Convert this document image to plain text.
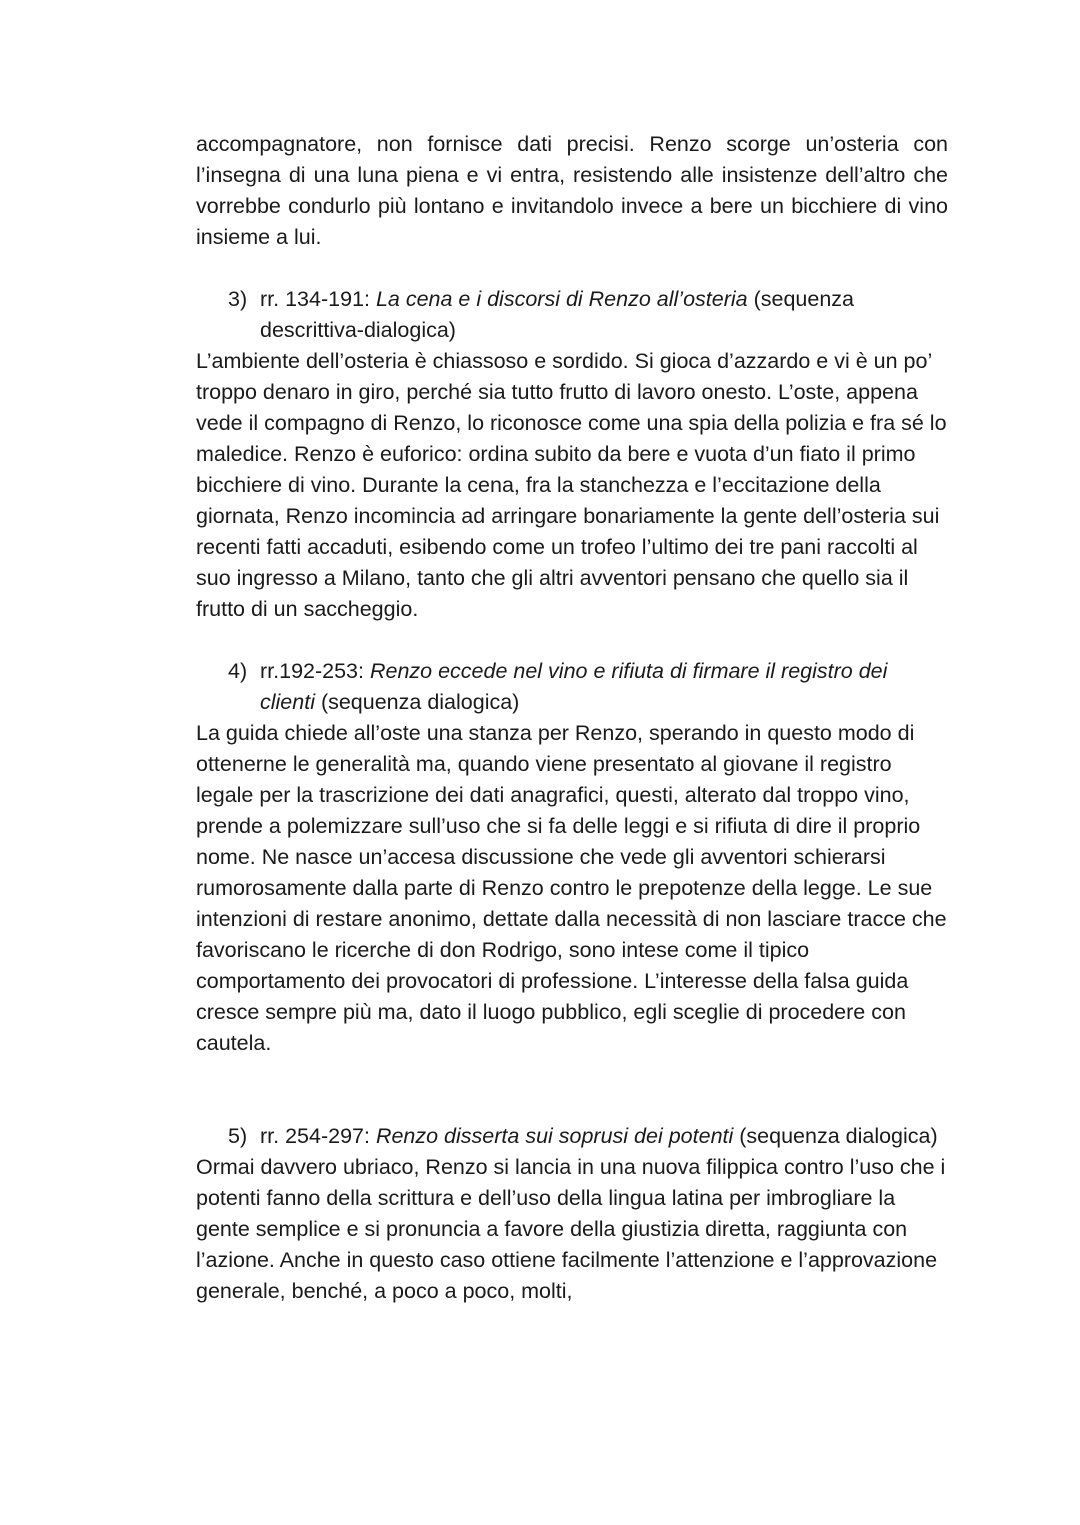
accompagnatore, non fornisce dati precisi. Renzo scorge un’osteria con l’insegna di una luna piena e vi entra, resistendo alle insistenze dell’altro che vorrebbe condurlo più lontano e invitandolo invece a bere un bicchiere di vino insieme a lui.

3) rr. 134-191: La cena e i discorsi di Renzo all’osteria (sequenza descrittiva-dialogica)

L’ambiente dell’osteria è chiassoso e sordido. Si gioca d’azzardo e vi è un po’ troppo denaro in giro, perché sia tutto frutto di lavoro onesto. L’oste, appena vede il compagno di Renzo, lo riconosce come una spia della polizia e fra sé lo maledice. Renzo è euforico: ordina subito da bere e vuota d’un fiato il primo bicchiere di vino. Durante la cena, fra la stanchezza e l’eccitazione della giornata, Renzo incomincia ad arringare bonariamente la gente dell’osteria sui recenti fatti accaduti, esibendo come un trofeo l’ultimo dei tre pani raccolti al suo ingresso a Milano, tanto che gli altri avventori pensano che quello sia il frutto di un saccheggio.

4) rr.192-253: Renzo eccede nel vino e rifiuta di firmare il registro dei clienti (sequenza dialogica)

La guida chiede all’oste una stanza per Renzo, sperando in questo modo di ottenerne le generalità ma, quando viene presentato al giovane il registro legale per la trascrizione dei dati anagrafici, questi, alterato dal troppo vino, prende a polemizzare sull’uso che si fa delle leggi e si rifiuta di dire il proprio nome. Ne nasce un’accesa discussione che vede gli avventori schierarsi rumorosamente dalla parte di Renzo contro le prepotenze della legge. Le sue intenzioni di restare anonimo, dettate dalla necessità di non lasciare tracce che favoriscano le ricerche di don Rodrigo, sono intese come il tipico comportamento dei provocatori di professione. L’interesse della falsa guida cresce sempre più ma, dato il luogo pubblico, egli sceglie di procedere con cautela.

5) rr. 254-297: Renzo disserta sui soprusi dei potenti (sequenza dialogica)

Ormai davvero ubriaco, Renzo si lancia in una nuova filippica contro l’uso che i potenti fanno della scrittura e dell’uso della lingua latina per imbrogliare la gente semplice e si pronuncia a favore della giustizia diretta, raggiunta con l’azione. Anche in questo caso ottiene facilmente l’attenzione e l’approvazione generale, benché, a poco a poco, molti,
